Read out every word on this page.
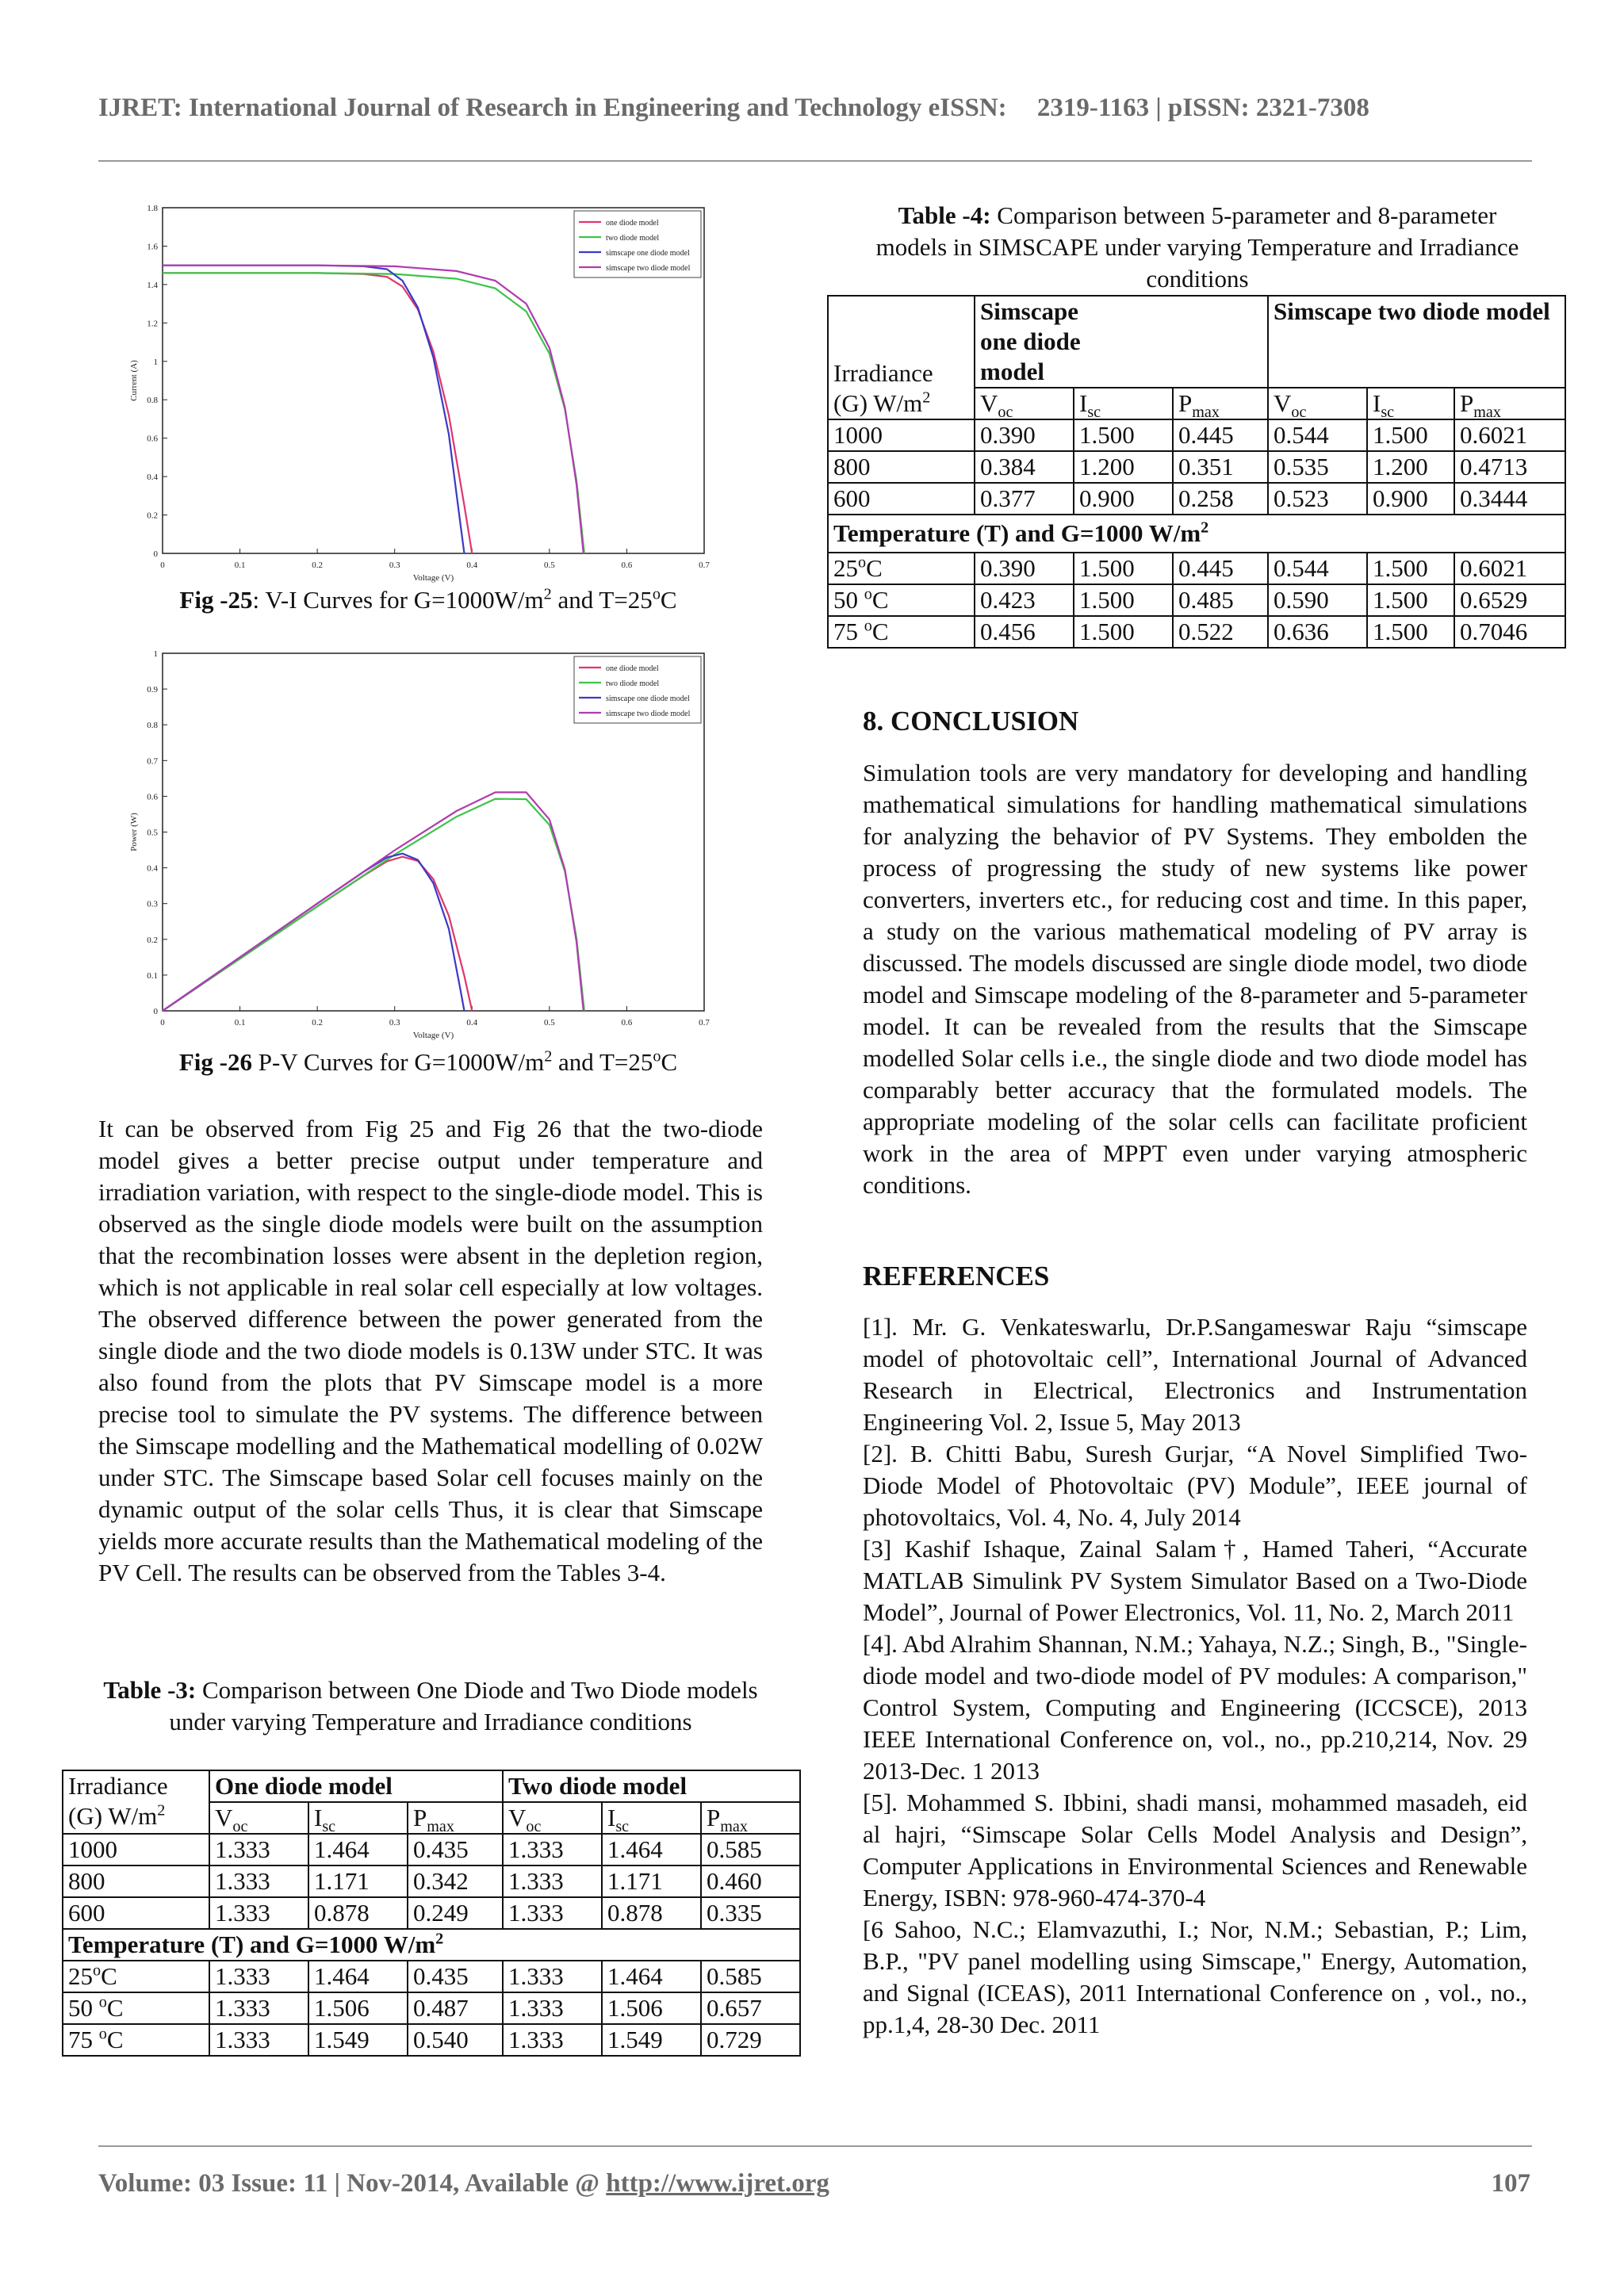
IJRET: International Journal of Research in Engineering and Technology eISSN: 2319-1163 | pISSN: 2321-7308
0	0.1	0.2	0.3	0.4	0.5	0.6	0.7
0
0.2
0.4
0.6
0.8
1
1.2
1.4
1.6
1.8
Voltage (V)
Current (A)
one diode model
two diode model
simscape one diode model
simscape two diode model
Fig -25: V-I Curves for $G=1000W/m^2$ and $T=25^oC$
0	0.1	0.2	0.3	0.4	0.5	0.6	0.7
0
0.1
0.2
0.3
0.4
0.5
0.6
0.7
0.8
0.9
1
Voltage (V)
Power (W)
one diode model
two diode model
simscape one diode model
simscape two diode model
Fig -26 P-V Curves for $G=1000W/m^2$ and $T=25^oC$
It can be observed from Fig 25 and Fig 26 that the two-diode model gives a better precise output under temperature and irradiation variation, with respect to the single-diode model. This is observed as the single diode models were built on the assumption that the recombination losses were absent in the depletion region, which is not applicable in real solar cell especially at low voltages. The observed difference between the power generated from the single diode and the two diode models is 0.13W under STC. It was also found from the plots that PV Simscape model is a more precise tool to simulate the PV systems. The difference between the Simscape modelling and the Mathematical modelling of 0.02W under STC. The Simscape based Solar cell focuses mainly on the dynamic output of the solar cells Thus, it is clear that Simscape yields more accurate results than the Mathematical modeling of the PV Cell. The results can be observed from the Tables 3-4.
Table -3: Comparison between One Diode and Two Diode models under varying Temperature and Irradiance conditions
Irradiance (G) $W/m^2$	One diode model			Two diode model		
	$V_{oc}$	$I_{sc}$	$P_{max}$	$V_{oc}$	$I_{sc}$	$P_{max}$
1000	1.333	1.464	0.435	1.333	1.464	0.585
800	1.333	1.171	0.342	1.333	1.171	0.460
600	1.333	0.878	0.249	1.333	0.878	0.335
Temperature (T) and G=1000 $W/m^2$
25$^o$C	1.333	1.464	0.435	1.333	1.464	0.585
50 $^o$C	1.333	1.506	0.487	1.333	1.506	0.657
75 $^o$C	1.333	1.549	0.540	1.333	1.549	0.729
Table -4: Comparison between 5-parameter and 8-parameter models in SIMSCAPE under varying Temperature and Irradiance conditions
Irradiance (G) $W/m^2$	Simscape one diode model			Simscape two diode model		
	$V_{oc}$	$I_{sc}$	$P_{max}$	$V_{oc}$	$I_{sc}$	$P_{max}$
1000	0.390	1.500	0.445	0.544	1.500	0.6021
800	0.384	1.200	0.351	0.535	1.200	0.4713
600	0.377	0.900	0.258	0.523	0.900	0.3444
Temperature (T) and G=1000 $W/m^2$
25$^o$C	0.390	1.500	0.445	0.544	1.500	0.6021
50 $^o$C	0.423	1.500	0.485	0.590	1.500	0.6529
75 $^o$C	0.456	1.500	0.522	0.636	1.500	0.7046
8. CONCLUSION
Simulation tools are very mandatory for developing and handling mathematical simulations for handling mathematical simulations for analyzing the behavior of PV Systems. They embolden the process of progressing the study of new systems like power converters, inverters etc., for reducing cost and time. In this paper, a study on the various mathematical modeling of PV array is discussed. The models discussed are single diode model, two diode model and Simscape modeling of the 8-parameter and 5-parameter model. It can be revealed from the results that the Simscape modelled Solar cells i.e., the single diode and two diode model has comparably better accuracy that the formulated models. The appropriate modeling of the solar cells can facilitate proficient work in the area of MPPT even under varying atmospheric conditions.
REFERENCES

[1]. Mr. G. Venkateswarlu, Dr.P.Sangameswar Raju “simscape model of photovoltaic cell”, International Journal of Advanced Research in Electrical, Electronics and Instrumentation Engineering Vol. 2, Issue 5, May 2013

[2]. B. Chitti Babu, Suresh Gurjar, “A Novel Simplified Two-Diode Model of Photovoltaic (PV) Module”, IEEE journal of photovoltaics, Vol. 4, No. 4, July 2014

[3] Kashif Ishaque, Zainal Salam†, Hamed Taheri, “Accurate MATLAB Simulink PV System Simulator Based on a Two-Diode Model”, Journal of Power Electronics, Vol. 11, No. 2, March 2011

[4]. Abd Alrahim Shannan, N.M.; Yahaya, N.Z.; Singh, B., "Single-diode model and two-diode model of PV modules: A comparison," Control System, Computing and Engineering (ICCSCE), 2013 IEEE International Conference on, vol., no., pp.210,214, Nov. 29 2013-Dec. 1 2013

[5]. Mohammed S. Ibbini, shadi mansi, mohammed masadeh, eid al hajri, “Simscape Solar Cells Model Analysis and Design”, Computer Applications in Environmental Sciences and Renewable Energy, ISBN: 978-960-474-370-4

[6 Sahoo, N.C.; Elamvazuthi, I.; Nor, N.M.; Sebastian, P.; Lim, B.P., "PV panel modelling using Simscape," Energy, Automation, and Signal (ICEAS), 2011 International Conference on , vol., no., pp.1,4, 28-30 Dec. 2011

Volume: 03 Issue: 11 | Nov-2014, Available @ http://www.ijret.org	107
